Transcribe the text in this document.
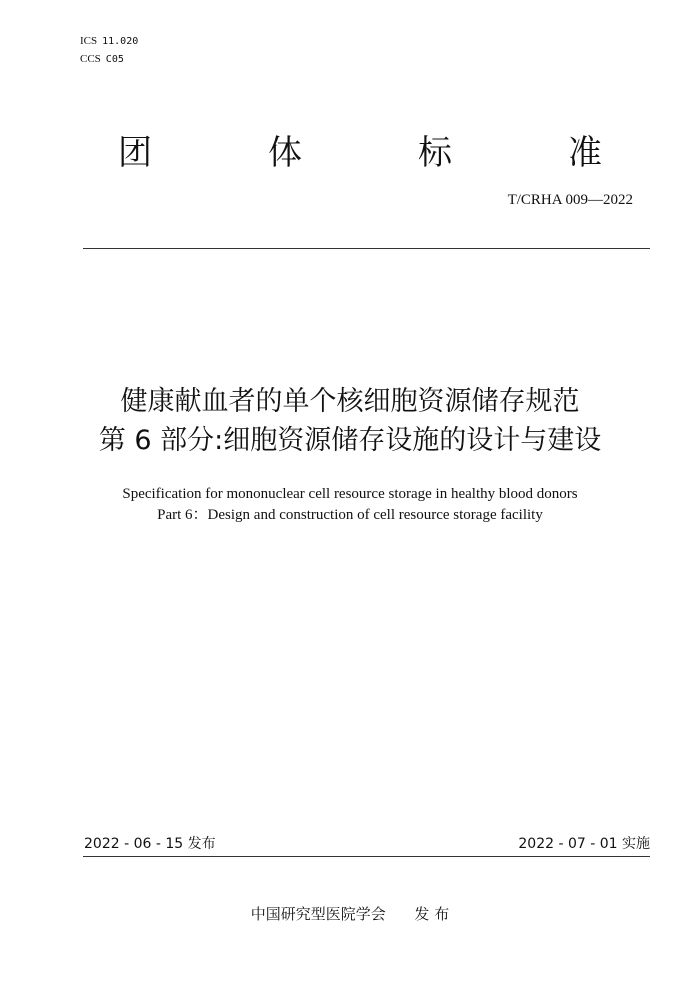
ICS 11.020
CCS C05
团	体	标	准
T/CRHA 009—2022
健康献血者的单个核细胞资源储存规范
第 6 部分:细胞资源储存设施的设计与建设
Specification for mononuclear cell resource storage in healthy blood donors
Part 6：Design and construction of cell resource storage facility
2022 - 06 - 15 发布	2022 - 07 - 01 实施
中国研究型医院学会 发 布
